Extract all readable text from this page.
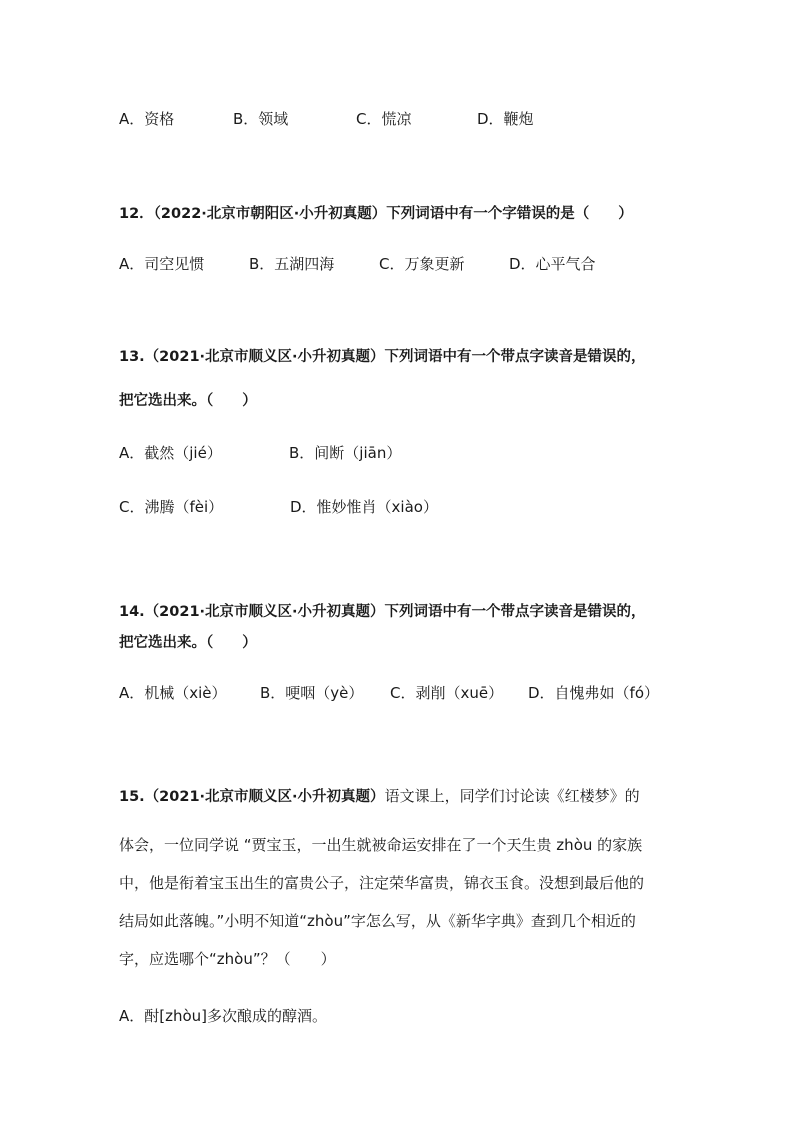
A．资格	B．领域	C．慌凉	D．鞭炮
12．（2022·北京市朝阳区·小升初真题）下列词语中有一个字错误的是（　　）
A．司空见惯	B．五湖四海	C．万象更新	D．心平气合
13.（2021·北京市顺义区·小升初真题）下列词语中有一个带点字读音是错误的，
把它选出来。（　　）
A．截然（jié）	B．间断（jiān）
C．沸腾（fèi）	D．惟妙惟肖（xiào）
14.（2021·北京市顺义区·小升初真题）下列词语中有一个带点字读音是错误的，
把它选出来。（　　）
A．机械（xiè） B．哽咽（yè） C．剥削（xuē） D．自愧弗如（fó）
15.（2021·北京市顺义区·小升初真题）语文课上，同学们讨论读《红楼梦》的
体会，一位同学说 “贾宝玉，一出生就被命运安排在了一个天生贵 zhòu 的家族
中，他是衔着宝玉出生的富贵公子，注定荣华富贵，锦衣玉食。没想到最后他的
结局如此落魄。”小明不知道“zhòu”字怎么写，从《新华字典》查到几个相近的
字，应选哪个“zhòu”？（　　）
A．酎[zhòu]多次酿成的醇酒。
